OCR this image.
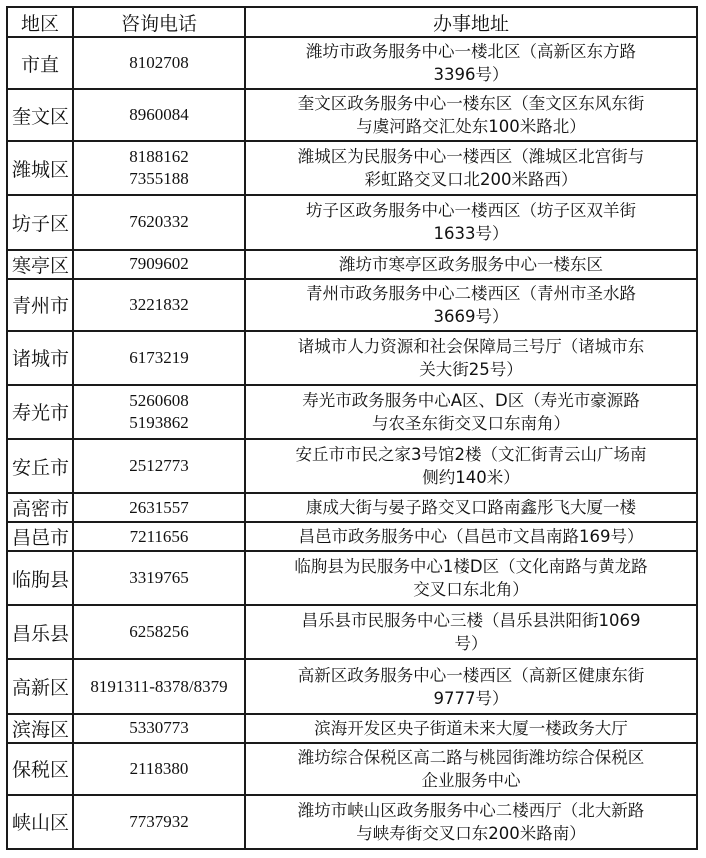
地区	咨询电话	办事地址
市直	8102708	潍坊市政务服务中心一楼北区（高新区东方路
3396号）

奎文区	8960084	奎文区政务服务中心一楼东区（奎文区东风东街
与虞河路交汇处东100米路北）

潍城区	8188162
7355188	潍城区为民服务中心一楼西区（潍城区北宫街与
彩虹路交叉口北200米路西）

坊子区	7620332	坊子区政务服务中心一楼西区（坊子区双羊街
1633号）

寒亭区	7909602	潍坊市寒亭区政务服务中心一楼东区

青州市	3221832	青州市政务服务中心二楼西区（青州市圣水路
3669号）

诸城市	6173219	诸城市人力资源和社会保障局三号厅（诸城市东
关大街25号）

寿光市	5260608
5193862	寿光市政务服务中心A区、D区（寿光市豪源路
与农圣东街交叉口东南角）

安丘市	2512773	安丘市市民之家3号馆2楼（文汇街青云山广场南
侧约140米）

高密市	2631557	康成大街与晏子路交叉口路南鑫彤飞大厦一楼

昌邑市	7211656	昌邑市政务服务中心（昌邑市文昌南路169号）

临朐县	3319765	临朐县为民服务中心1楼D区（文化南路与黄龙路
交叉口东北角）

昌乐县	6258256	昌乐县市民服务中心三楼（昌乐县洪阳街1069
号）

高新区	8191311-8378/8379	高新区政务服务中心一楼西区（高新区健康东街
9777号）

滨海区	5330773	滨海开发区央子街道未来大厦一楼政务大厅

保税区	2118380	潍坊综合保税区高二路与桃园街潍坊综合保税区
企业服务中心

峡山区	7737932	潍坊市峡山区政务服务中心二楼西厅（北大新路
与峡寿街交叉口东200米路南）
